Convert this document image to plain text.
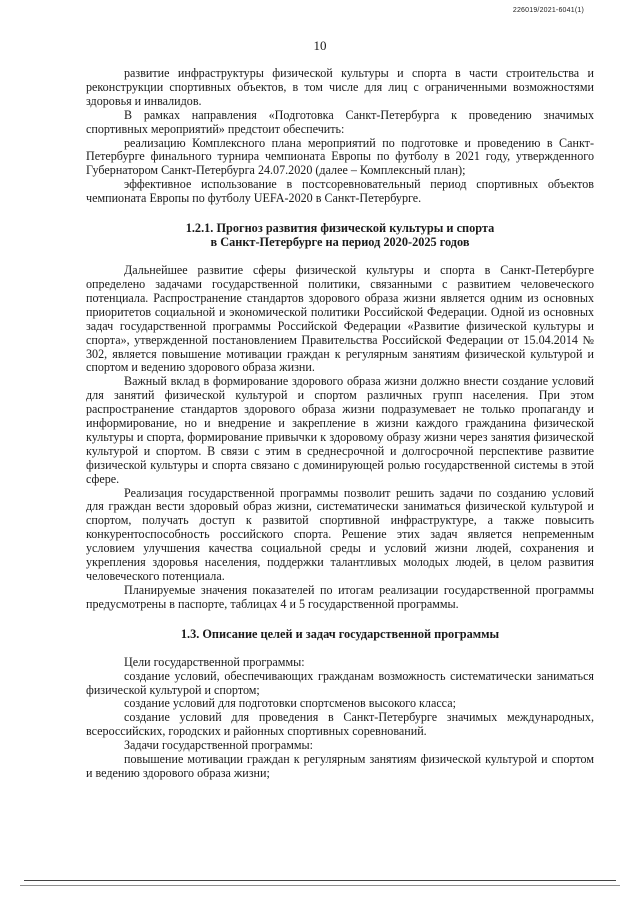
226019/2021-6041(1)
10

развитие инфраструктуры физической культуры и спорта в части строительства и реконструкции спортивных объектов, в том числе для лиц с ограниченными возможностями здоровья и инвалидов.

В рамках направления «Подготовка Санкт-Петербурга к проведению значимых спортивных мероприятий» предстоит обеспечить:

реализацию Комплексного плана мероприятий по подготовке и проведению в Санкт-Петербурге финального турнира чемпионата Европы по футболу в 2021 году, утвержденного Губернатором Санкт-Петербурга 24.07.2020 (далее – Комплексный план);

эффективное использование в постсоревновательный период спортивных объектов чемпионата Европы по футболу UEFA-2020 в Санкт-Петербурге.

1.2.1. Прогноз развития физической культуры и спорта
в Санкт-Петербурге на период 2020-2025 годов

Дальнейшее развитие сферы физической культуры и спорта в Санкт-Петербурге определено задачами государственной политики, связанными с развитием человеческого потенциала. Распространение стандартов здорового образа жизни является одним из основных приоритетов социальной и экономической политики Российской Федерации. Одной из основных задач государственной программы Российской Федерации «Развитие физической культуры и спорта», утвержденной постановлением Правительства Российской Федерации от 15.04.2014 № 302, является повышение мотивации граждан к регулярным занятиям физической культурой и спортом и ведению здорового образа жизни.

Важный вклад в формирование здорового образа жизни должно внести создание условий для занятий физической культурой и спортом различных групп населения. При этом распространение стандартов здорового образа жизни подразумевает не только пропаганду и информирование, но и внедрение и закрепление в жизни каждого гражданина физической культуры и спорта, формирование привычки к здоровому образу жизни через занятия физической культурой и спортом. В связи с этим в среднесрочной и долгосрочной перспективе развитие физической культуры и спорта связано с доминирующей ролью государственной системы в этой сфере.

Реализация государственной программы позволит решить задачи по созданию условий для граждан вести здоровый образ жизни, систематически заниматься физической культурой и спортом, получать доступ к развитой спортивной инфраструктуре, а также повысить конкурентоспособность российского спорта. Решение этих задач является непременным условием улучшения качества социальной среды и условий жизни людей, сохранения и укрепления здоровья населения, поддержки талантливых молодых людей, в целом развития человеческого потенциала.

Планируемые значения показателей по итогам реализации государственной программы предусмотрены в паспорте, таблицах 4 и 5 государственной программы.

1.3. Описание целей и задач государственной программы

Цели государственной программы:

создание условий, обеспечивающих гражданам возможность систематически заниматься физической культурой и спортом;

создание условий для подготовки спортсменов высокого класса;

создание условий для проведения в Санкт-Петербурге значимых международных, всероссийских, городских и районных спортивных соревнований.

Задачи государственной программы:

повышение мотивации граждан к регулярным занятиям физической культурой и спортом и ведению здорового образа жизни;
